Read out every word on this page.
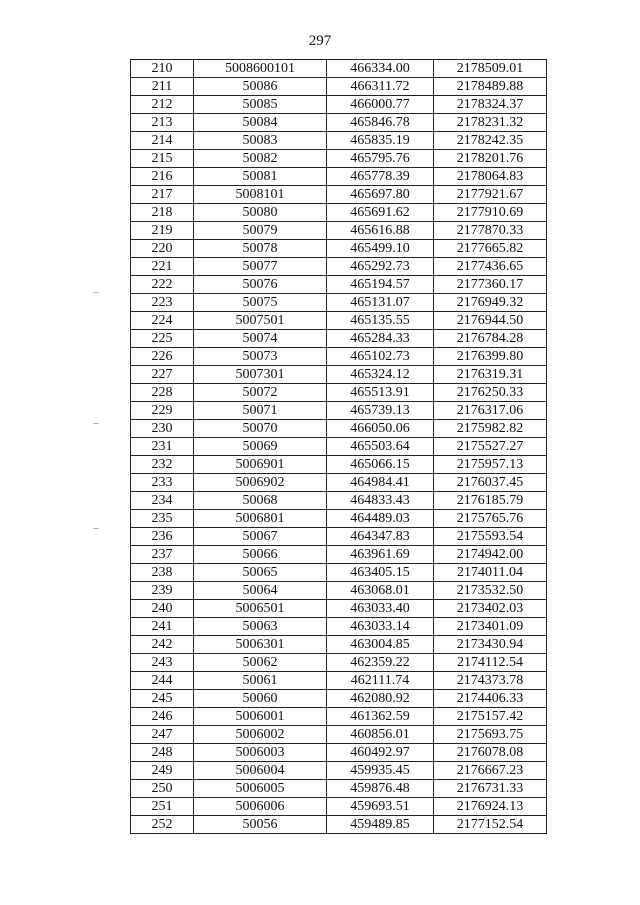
297
210	5008600101	466334.00	2178509.01
211	50086	466311.72	2178489.88
212	50085	466000.77	2178324.37
213	50084	465846.78	2178231.32
214	50083	465835.19	2178242.35
215	50082	465795.76	2178201.76
216	50081	465778.39	2178064.83
217	5008101	465697.80	2177921.67
218	50080	465691.62	2177910.69
219	50079	465616.88	2177870.33
220	50078	465499.10	2177665.82
221	50077	465292.73	2177436.65
222	50076	465194.57	2177360.17
223	50075	465131.07	2176949.32
224	5007501	465135.55	2176944.50
225	50074	465284.33	2176784.28
226	50073	465102.73	2176399.80
227	5007301	465324.12	2176319.31
228	50072	465513.91	2176250.33
229	50071	465739.13	2176317.06
230	50070	466050.06	2175982.82
231	50069	465503.64	2175527.27
232	5006901	465066.15	2175957.13
233	5006902	464984.41	2176037.45
234	50068	464833.43	2176185.79
235	5006801	464489.03	2175765.76
236	50067	464347.83	2175593.54
237	50066	463961.69	2174942.00
238	50065	463405.15	2174011.04
239	50064	463068.01	2173532.50
240	5006501	463033.40	2173402.03
241	50063	463033.14	2173401.09
242	5006301	463004.85	2173430.94
243	50062	462359.22	2174112.54
244	50061	462111.74	2174373.78
245	50060	462080.92	2174406.33
246	5006001	461362.59	2175157.42
247	5006002	460856.01	2175693.75
248	5006003	460492.97	2176078.08
249	5006004	459935.45	2176667.23
250	5006005	459876.48	2176731.33
251	5006006	459693.51	2176924.13
252	50056	459489.85	2177152.54
